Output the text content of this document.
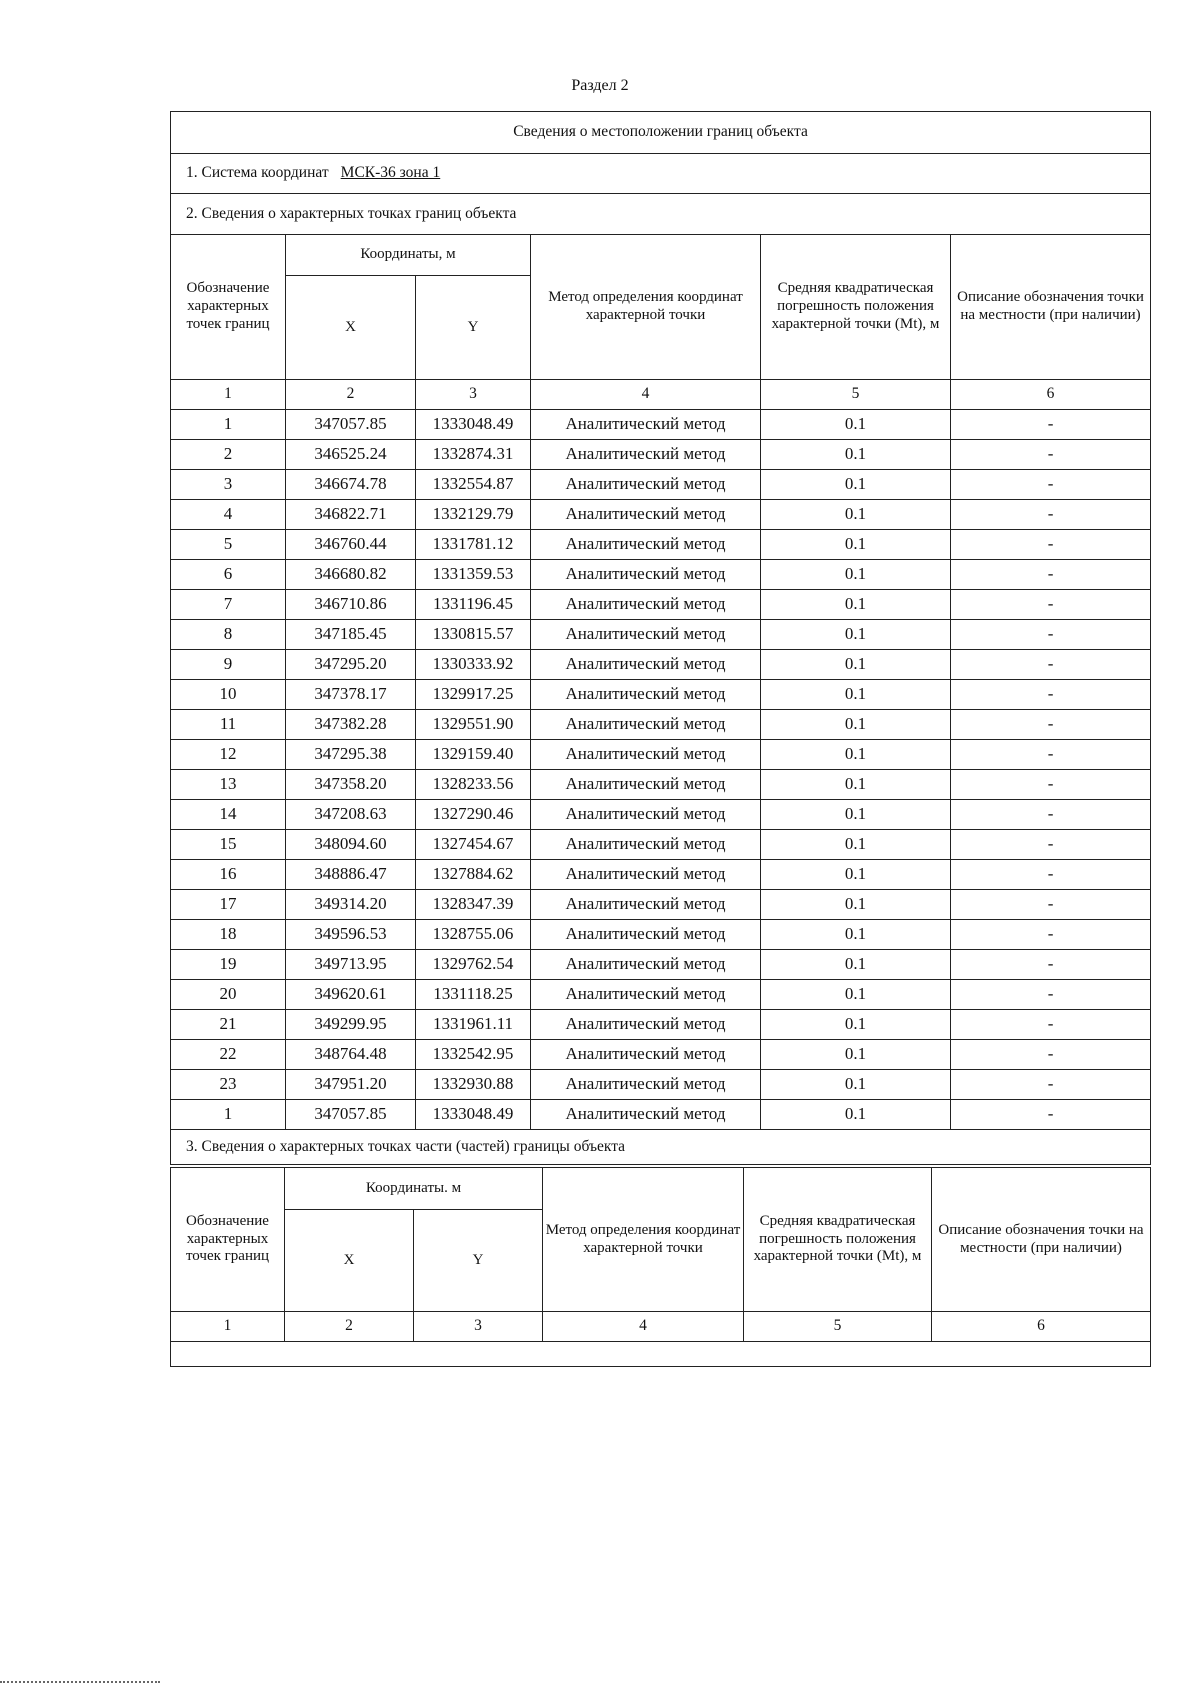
Раздел 2
Сведения о местоположении границ объекта					
1. Система координат МСК-36 зона 1					
2. Сведения о характерных точках границ объекта					
Обозначение характерных точек границ	Координаты, м		Метод определения координат характерной точки	Средняя квадратическая погрешность положения характерной точки (Mt), м	Описание обозначения точки на местности (при наличии)
	X	Y			
1	2	3	4	5	6
1	347057.85	1333048.49	Аналитический метод	0.1	-
2	346525.24	1332874.31	Аналитический метод	0.1	-
3	346674.78	1332554.87	Аналитический метод	0.1	-
4	346822.71	1332129.79	Аналитический метод	0.1	-
5	346760.44	1331781.12	Аналитический метод	0.1	-
6	346680.82	1331359.53	Аналитический метод	0.1	-
7	346710.86	1331196.45	Аналитический метод	0.1	-
8	347185.45	1330815.57	Аналитический метод	0.1	-
9	347295.20	1330333.92	Аналитический метод	0.1	-
10	347378.17	1329917.25	Аналитический метод	0.1	-
11	347382.28	1329551.90	Аналитический метод	0.1	-
12	347295.38	1329159.40	Аналитический метод	0.1	-
13	347358.20	1328233.56	Аналитический метод	0.1	-
14	347208.63	1327290.46	Аналитический метод	0.1	-
15	348094.60	1327454.67	Аналитический метод	0.1	-
16	348886.47	1327884.62	Аналитический метод	0.1	-
17	349314.20	1328347.39	Аналитический метод	0.1	-
18	349596.53	1328755.06	Аналитический метод	0.1	-
19	349713.95	1329762.54	Аналитический метод	0.1	-
20	349620.61	1331118.25	Аналитический метод	0.1	-
21	349299.95	1331961.11	Аналитический метод	0.1	-
22	348764.48	1332542.95	Аналитический метод	0.1	-
23	347951.20	1332930.88	Аналитический метод	0.1	-
1	347057.85	1333048.49	Аналитический метод	0.1	-
3. Сведения о характерных точках части (частей) границы объекта					
Обозначение характерных точек границ	Координаты. м		Метод определения координат характерной точки	Средняя квадратическая погрешность положения характерной точки (Mt), м	Описание обозначения точки на местности (при наличии)
	X	Y			
1	2	3	4	5	6
